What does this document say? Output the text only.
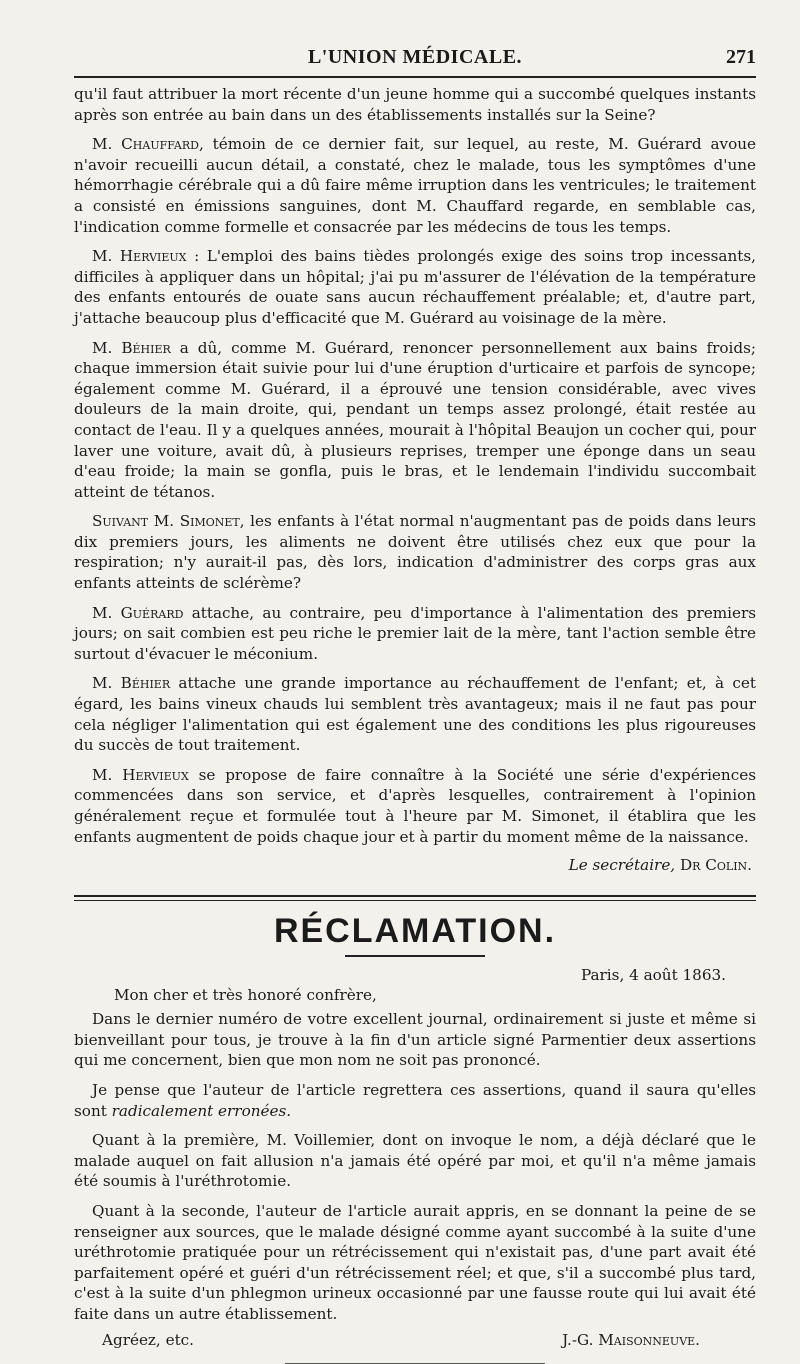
L'UNION MÉDICALE.	271

qu'il faut attribuer la mort récente d'un jeune homme qui a succombé quelques instants après son entrée au bain dans un des établissements installés sur la Seine?

M. Chauffard, témoin de ce dernier fait, sur lequel, au reste, M. Guérard avoue n'avoir recueilli aucun détail, a constaté, chez le malade, tous les symptômes d'une hémorrhagie cérébrale qui a dû faire même irruption dans les ventricules; le traitement a consisté en émissions sanguines, dont M. Chauffard regarde, en semblable cas, l'indication comme formelle et consacrée par les médecins de tous les temps.

M. Hervieux : L'emploi des bains tièdes prolongés exige des soins trop incessants, difficiles à appliquer dans un hôpital; j'ai pu m'assurer de l'élévation de la température des enfants entourés de ouate sans aucun réchauffement préalable; et, d'autre part, j'attache beaucoup plus d'efficacité que M. Guérard au voisinage de la mère.

M. Béhier a dû, comme M. Guérard, renoncer personnellement aux bains froids; chaque immersion était suivie pour lui d'une éruption d'urticaire et parfois de syncope; également comme M. Guérard, il a éprouvé une tension considérable, avec vives douleurs de la main droite, qui, pendant un temps assez prolongé, était restée au contact de l'eau. Il y a quelques années, mourait à l'hôpital Beaujon un cocher qui, pour laver une voiture, avait dû, à plusieurs reprises, tremper une éponge dans un seau d'eau froide; la main se gonfla, puis le bras, et le lendemain l'individu succombait atteint de tétanos.

Suivant M. Simonet, les enfants à l'état normal n'augmentant pas de poids dans leurs dix premiers jours, les aliments ne doivent être utilisés chez eux que pour la respiration; n'y aurait-il pas, dès lors, indication d'administrer des corps gras aux enfants atteints de sclérème?

M. Guérard attache, au contraire, peu d'importance à l'alimentation des premiers jours; on sait combien est peu riche le premier lait de la mère, tant l'action semble être surtout d'évacuer le méconium.

M. Béhier attache une grande importance au réchauffement de l'enfant; et, à cet égard, les bains vineux chauds lui semblent très avantageux; mais il ne faut pas pour cela négliger l'alimentation qui est également une des conditions les plus rigoureuses du succès de tout traitement.

M. Hervieux se propose de faire connaître à la Société une série d'expériences commencées dans son service, et d'après lesquelles, contrairement à l'opinion généralement reçue et formulée tout à l'heure par M. Simonet, il établira que les enfants augmentent de poids chaque jour et à partir du moment même de la naissance.

Le secrétaire, Dr Colin.
RÉCLAMATION.
Paris, 4 août 1863.
Mon cher et très honoré confrère,

Dans le dernier numéro de votre excellent journal, ordinairement si juste et même si bienveillant pour tous, je trouve à la fin d'un article signé Parmentier deux assertions qui me concernent, bien que mon nom ne soit pas prononcé.

Je pense que l'auteur de l'article regrettera ces assertions, quand il saura qu'elles sont radicalement erronées.

Quant à la première, M. Voillemier, dont on invoque le nom, a déjà déclaré que le malade auquel on fait allusion n'a jamais été opéré par moi, et qu'il n'a même jamais été soumis à l'uréthrotomie.

Quant à la seconde, l'auteur de l'article aurait appris, en se donnant la peine de se renseigner aux sources, que le malade désigné comme ayant succombé à la suite d'une uréthrotomie pratiquée pour un rétrécissement qui n'existait pas, d'une part avait été parfaitement opéré et guéri d'un rétrécissement réel; et que, s'il a succombé plus tard, c'est à la suite d'un phlegmon urineux occasionné par une fausse route qui lui avait été faite dans un autre établissement.

Agréez, etc.	J.-G. Maisonneuve.
